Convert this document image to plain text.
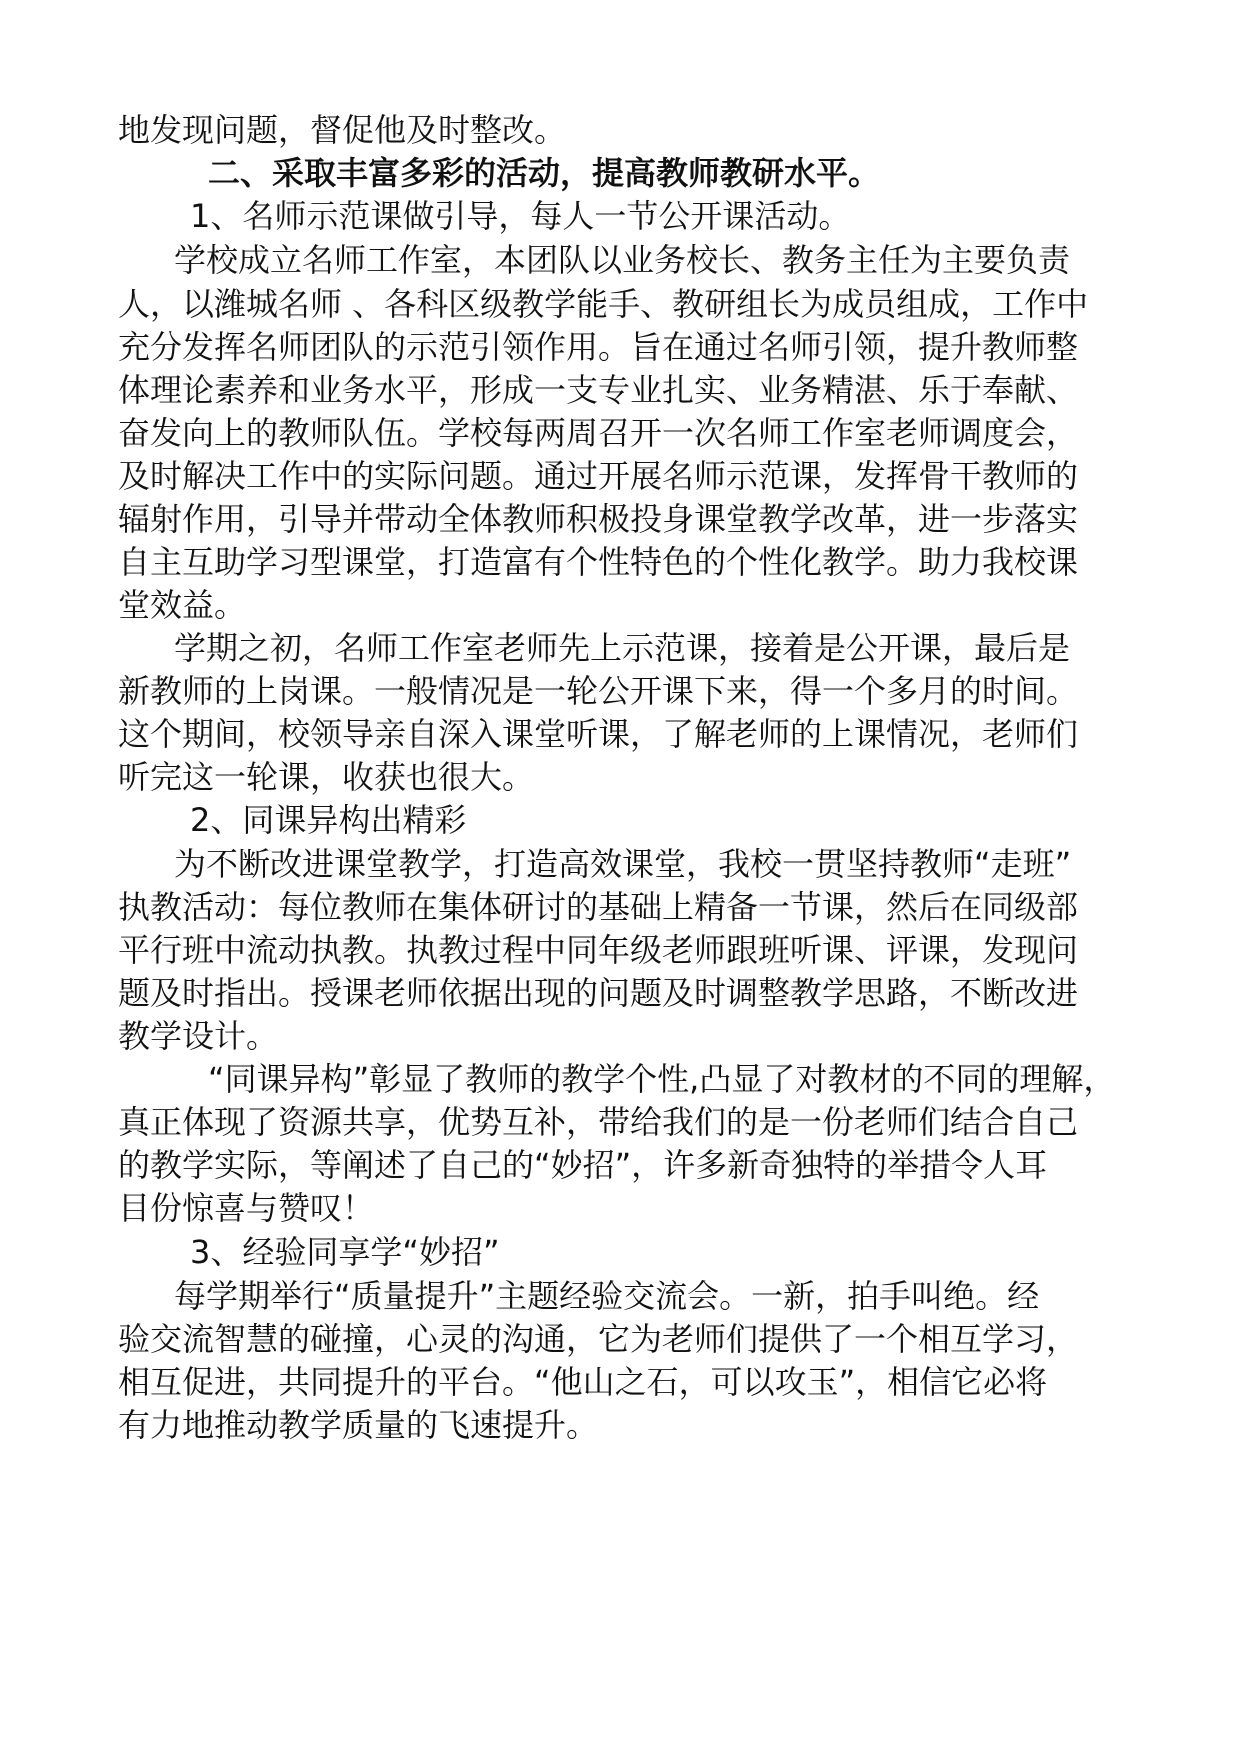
地发现问题，督促他及时整改。
二、采取丰富多彩的活动，提高教师教研水平。
1、名师示范课做引导，每人一节公开课活动。
学校成立名师工作室，本团队以业务校长、教务主任为主要负责
人，以潍城名师 、各科区级教学能手、教研组长为成员组成，工作中
充分发挥名师团队的示范引领作用。旨在通过名师引领，提升教师整
体理论素养和业务水平，形成一支专业扎实、业务精湛、乐于奉献、
奋发向上的教师队伍。学校每两周召开一次名师工作室老师调度会，
及时解决工作中的实际问题。通过开展名师示范课，发挥骨干教师的
辐射作用，引导并带动全体教师积极投身课堂教学改革，进一步落实
自主互助学习型课堂，打造富有个性特色的个性化教学。助力我校课
堂效益。
学期之初，名师工作室老师先上示范课，接着是公开课，最后是
新教师的上岗课。一般情况是一轮公开课下来，得一个多月的时间。
这个期间，校领导亲自深入课堂听课，了解老师的上课情况，老师们
听完这一轮课，收获也很大。
2、同课异构出精彩
为不断改进课堂教学，打造高效课堂，我校一贯坚持教师“走班”
执教活动：每位教师在集体研讨的基础上精备一节课，然后在同级部
平行班中流动执教。执教过程中同年级老师跟班听课、评课，发现问
题及时指出。授课老师依据出现的问题及时调整教学思路，不断改进
教学设计。
“同课异构”彰显了教师的教学个性,凸显了对教材的不同的理解，
真正体现了资源共享，优势互补，带给我们的是一份老师们结合自己
的教学实际，等阐述了自己的“妙招”，许多新奇独特的举措令人耳
目份惊喜与赞叹！
3、经验同享学“妙招”
每学期举行“质量提升”主题经验交流会。一新，拍手叫绝。经
验交流智慧的碰撞，心灵的沟通，它为老师们提供了一个相互学习，
相互促进，共同提升的平台。“他山之石，可以攻玉”，相信它必将
有力地推动教学质量的飞速提升。
